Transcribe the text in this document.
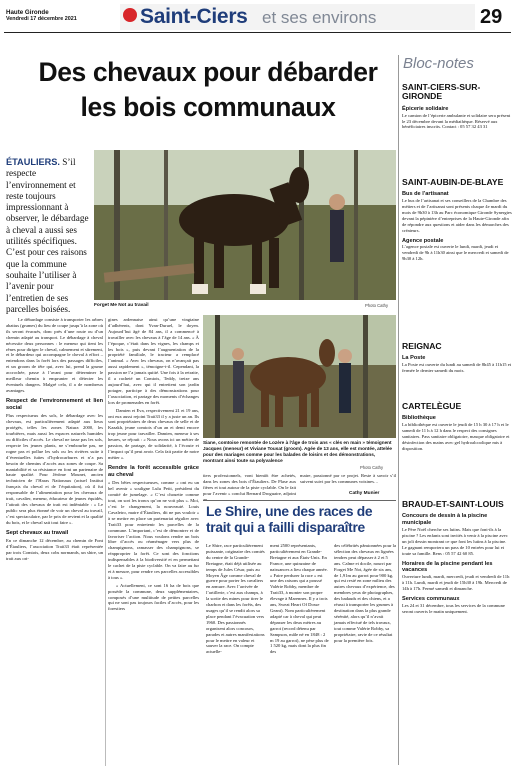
Haute Gironde
Vendredi 17 décembre 2021	Saint-Ciers et ses environs	29
Des chevaux pour débarder
les bois communaux
ÉTAULIERS. S’il respecte l’environnement et reste toujours impressionnant à observer, le débardage à cheval a aussi ses utilités spécifiques. C’est pour ces raisons que la commune souhaite l’utiliser à l’avenir pour l’entretien de ses parcelles boisées.	Forget Me Not au travail	Photo Cathy
Le débardage consiste à transporter les arbres abattus (grumes) du lieu de coupe jusqu’à la zone où ils seront évacués, donc près d’une route ou d’un chemin adapté au transport. Le débardage à cheval nécessite deux personnes : le meneur qui tient les rênes pour diriger le cheval, calmement et sûrement, et le débardeur qui accompagne le cheval à effort – entendons dans la forêt lors des passages difficiles, et un groom de tête qui, avec lui, prend la grume accrochée, passe à l’avant pour déterminer le meilleur chemin à emprunter et détecter les éventuels dangers. Malgré cela, il a de nombreux avantages.
Respect de l’environnement et lien social
Plus respectueux des sols, le débardage avec les chevaux, est particulièrement adapté aux lieux protégés, telles les zones Natura 2000, les tourbières, mais aussi les espaces naturels humides ou difficiles d’accès. Le cheval ne tasse pas les sols, respecte les jeunes plants, ne s’embourbe pas, ne rogne pas et pollue les sols ou les rivières suite à d’éventuelles fuites d’hydrocarbures et n’a pas besoin de chemins d’accès aux zones de coupe. Sa maniabilité et sa résistance en font un partenaire de haute qualité. Pour Jérôme Mounet, ancien technicien de l’Haras Nationaux (actuel Institut français du cheval et de l’équitation), où il fut responsable de l’alimentation pour les chevaux de trait, cavalier, meneur, éducateur de jeunes équidés, l’attrait des chevaux de trait est indéniable : « Le public sera plus étonné de voir un cheval au travail, c’est spectaculaire, par le prix de revient et la qualité du bois, et le cheval sait tout faire ».
Sept chevaux au travail
En ce dimanche 12 décembre, au chemin de Font d’Étauliers, l’association Trait33 était représentée par trois Comtois, deux cobs normands, un shire, un trait aux ori-
gines ardennaise ainsi qu’une vingtaine d’adhérents, dont Yvan-Duruel, le doyen. Aujourd’hui âgé de 84 ans, il a commencé à travailler avec les chevaux à l’âge de 14 ans. « À l’époque, c’était dans les vignes, les champs et les bois », puis devant l’augmentation de la propriété familiale, le tracteur a remplacé l’animal. « Avec les chevaux, on n’avançait pas aussi rapidement », témoigne-t-il. Cependant, la passion ne l’a jamais quitté. Une fois à la retraite, il a racheté un Comtois, Teddy, treize ans aujourd’hui, avec qui il entretient son jardin potager, participe à des démonstrations pour l’association, et partage des moments d’échanges lors de promenades en forêt.
Damien et Eva, respectivement 21 et 19 ans, ont eux aussi rejoint Trait33 il y a juste un an. Ils sont propriétaires de deux chevaux de selle et de Kazakh, jeune comtois d’un an et demi encore trop jeune pour travailler. Damien, meneur à ses heures, se réjouit : « Nous avons ici un métier de passion, de partage, de solidarité, à l’écoute et l’impact qu’il peut avoir. Cela fait partie de notre métier ».
Rendre la forêt accessible grâce au cheval
« Des bêtes respectueuses, comme « ont eu un bel avenir » souligne Lulu Petit, président du comité de jumelage. « C’est chouette comme tout, on sort les troncs qu’on ne voit plus ». Moi, c’est le changement, la nouveauté. Louis Cavaleiro, maire d’Étauliers, dit ne pas vouloir « à se mettre en place un partenariat régulier avec Trait33 pour entretenir les parcelles de la commune. L’important, c’est de démontrer et de favoriser l’action. Nous voulons rendre un bois libre d’accès ou réaménager vers plus de champignons, ramasser des champignons, se réapproprier la forêt. Ce sont des fonctions indispensables à la biodiversité et en permettant le cachet de la piste cyclable. On va faire au fur et à mesure, pour rendre ces parcelles accessibles à tous ».
« Actuellement, ce sont 16 ha de bois que possède la commune, deux supplémentaires, composés d’une multitude de petites parcelles qui ne sont pas toujours faciles d’accès, pour les forestiers
Siane, comtoise remontée de Lozère à l’âge de trois ans « clés en main » témoignent Jacques (meneur) et Viviane Tousat (groom). Agée de 13 ans, elle est montée, attelée pour des mariages comme pour les balades de loisirs et des démonstrations, montrant ainsi toute sa polyvalence
Photo Cathy
tiers professionnels, vont bientôt être achetés, dans les zones des bois d’Étauliers. De Plase aux fières et tout autour de la piste cyclable. On le fait pour l’avenir » conclut Bernard Droguaire, adjoint au
maire, passionné par ce projet. Reste à savoir s’il suivent suivi par les communes voisines…
Cathy Munier
Le Shire, une des races de trait qui a failli disparaître
Le Shire, race particulièrement puissante, originaire des comtés du centre de la Grande-Bretagne, était déjà utilisée au temps de Jules César, puis au Moyen Âge comme cheval de guerre pour porter les cavaliers en armure. Avec l’arrivée de l’artillerie, c’est aux champs, à la sortie des mines pour tirer le charbon et dans les forêts, des usages qu’il se rendit alors sa place pendant l’évacuation vers 1960. Des passionnés organisent alors concours, parades et autres manifestations pour le mettre en valeur et sauver la race. On compte actuelle-
ment 2500 représentants, particulièrement en Grande-Bretagne et aux États-Unis. En France, une quinzaine de naissances a lieu chaque année. « Faire perdurer la race » est une des raisons qui a poussé Valérie Robby, membre de Trait33, à monter son propre élevage à Marennes. Il y a trois ans, Sweat Heart Of Dosse Geant). Nom particulièrement adapté car à cheval qui peut dépasser les deux mètres au garrot (record détenu par Sampson, mâle né en 1848 : 2 m 19 au garrot), ne pèse plus de 1 520 kg, mais dont la plus fin des
des célébrités pâmionnées pour la sélection des chevaux en lignées tendres peut dépasser à 2 et 5 ans. Calme et docile, nourri par Forget Me Not, âgée de six ans, de 1,91m au garrot pour 900 kg, qui est resté en zone milieu des autres chevaux d’expérience, des membres yeux de photographes, des badauds et des chiens, et a réussi à transporter les grumes à destination dans la plus grande sérénité, alors qu’il n’avait jamais effectué de tels travaux, tout comme Valérie Robby, sa propriétaire, ravie de ce résultat pour la première fois.
Bloc-notes
SAINT-CIERS-SUR-GIRONDE
Épicerie solidaire
Le camion de l’épicerie ambulante et solidaire sera présent le 23 décembre devant la médiathèque. Réservé aux bénéficiaires inscrits. Contact : 05 57 32 43 31
SAINT-AUBIN-DE-BLAYE
Bus de l’artisanat
Le bus de l’artisanat et ses conseillers de la Chambre des métiers et de l’artisanat sont présents chaque 4e mardi du mois de 9h30 à 13h au Parc économique Gironde Synergies devant la pépinière d’entreprises de la Haute-Gironde afin de répondre aux questions et aider dans les démarches des créateurs.
Agence postale
L’agence postale est ouverte le lundi, mardi, jeudi et vendredi de 9h à 11h30 ainsi que le mercredi et samedi de 9h30 à 12h.
REIGNAC
La Poste
La Poste est ouverte du lundi au samedi de 8h45 à 11h15 et fermée le dernier samedi du mois.
CARTELÈGUE
Bibliothèque
La bibliothèque est ouverte le jeudi de 15 h 30 à 17 h et le samedi de 11 h à 12 h dans le respect des consignes sanitaires. Pass sanitaire obligatoire, masque obligatoire et désinfection des mains avec gel hydroalcoolique mis à disposition.
BRAUD-ET-SAINT-LOUIS
Concours de dessin à la piscine municipale
Le Père Noël cherche ses lutins. Mais que font-ils à la piscine ? Les enfants sont invités à venir à la piscine avec un joli dessin montrant ce que font les lutins à la piscine. Le gagnant remportera un pass de 10 entrées pour lui et toute sa famille. Rens : 05 57 42 60 85.
Horaires de la piscine pendant les vacances
Ouverture lundi, mardi, mercredi, jeudi et vendredi de 11h à 11h. Lundi, mardi et jeudi de 15h30 à 19h. Mercredi de 14h à 17h. Fermé samedi et dimanche.
Services communaux
Les 24 et 31 décembre, tous les services de la commune seront ouverts le matin uniquement.
